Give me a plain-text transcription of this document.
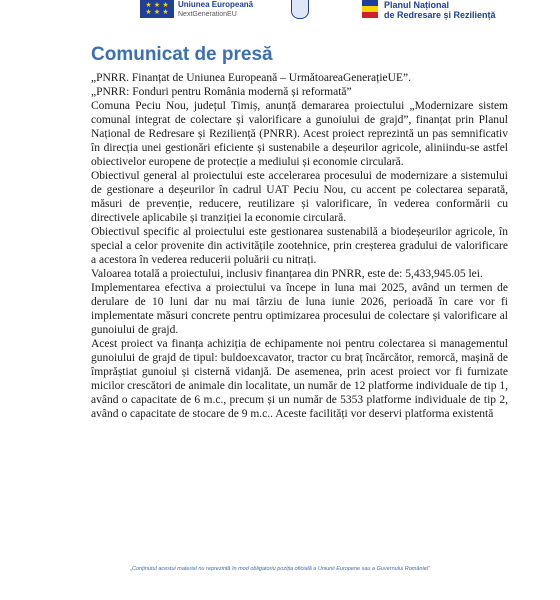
★ ★ ★
★ ★ ★
Uniunea Europeană
NextGenerationEU
Planul Național
de Redresare și Reziliență
Comunicat de presă

„PNRR. Finanțat de Uniunea Europeană – UrmătoareaGenerațieUE”.

„PNRR: Fonduri pentru România modernă și reformată”

Comuna Peciu Nou, județul Timiș, anunță demararea proiectului „Modernizare sistem comunal integrat de colectare și valorificare a gunoiului de grajd”, finanțat prin Planul Național de Redresare și Reziliență (PNRR). Acest proiect reprezintă un pas semnificativ în direcția unei gestionări eficiente și sustenabile a deșeurilor agricole, aliniindu-se astfel obiectivelor europene de protecție a mediului și economie circulară.

Obiectivul general al proiectului este accelerarea procesului de modernizare a sistemului de gestionare a deșeurilor în cadrul UAT Peciu Nou, cu accent pe colectarea separată, măsuri de prevenție, reducere, reutilizare și valorificare, în vederea conformării cu directivele aplicabile și tranziției la economie circulară.

Obiectivul specific al proiectului este gestionarea sustenabilă a biodeșeurilor agricole, în special a celor provenite din activitățile zootehnice, prin creșterea gradului de valorificare a acestora în vederea reducerii poluării cu nitrați.

Valoarea totală a proiectului, inclusiv finanțarea din PNRR, este de: 5,433,945.05 lei.

Implementarea efectiva a proiectului va începe in luna mai 2025, având un termen de derulare de 10 luni dar nu mai târziu de luna iunie 2026, perioadă în care vor fi implementate măsuri concrete pentru optimizarea procesului de colectare și valorificare al gunoiului de grajd.

Acest proiect va finanța achiziția de echipamente noi pentru colectarea si managementul gunoiului de grajd de tipul: buldoexcavator, tractor cu braț încărcător, remorcă, mașină de împrăștiat gunoiul și cisternă vidanjă. De asemenea, prin acest proiect vor fi furnizate micilor crescători de animale din localitate, un număr de 12 platforme individuale de tip 1, având o capacitate de 6 m.c., precum și un număr de 5353 platforme individuale de tip 2, având o capacitate de stocare de 9 m.c.. Aceste facilități vor deservi platforma existentă

„Conținutul acestui material nu reprezintă în mod obligatoriu poziția oficială a Uniunii Europene sau a Guvernului României”
